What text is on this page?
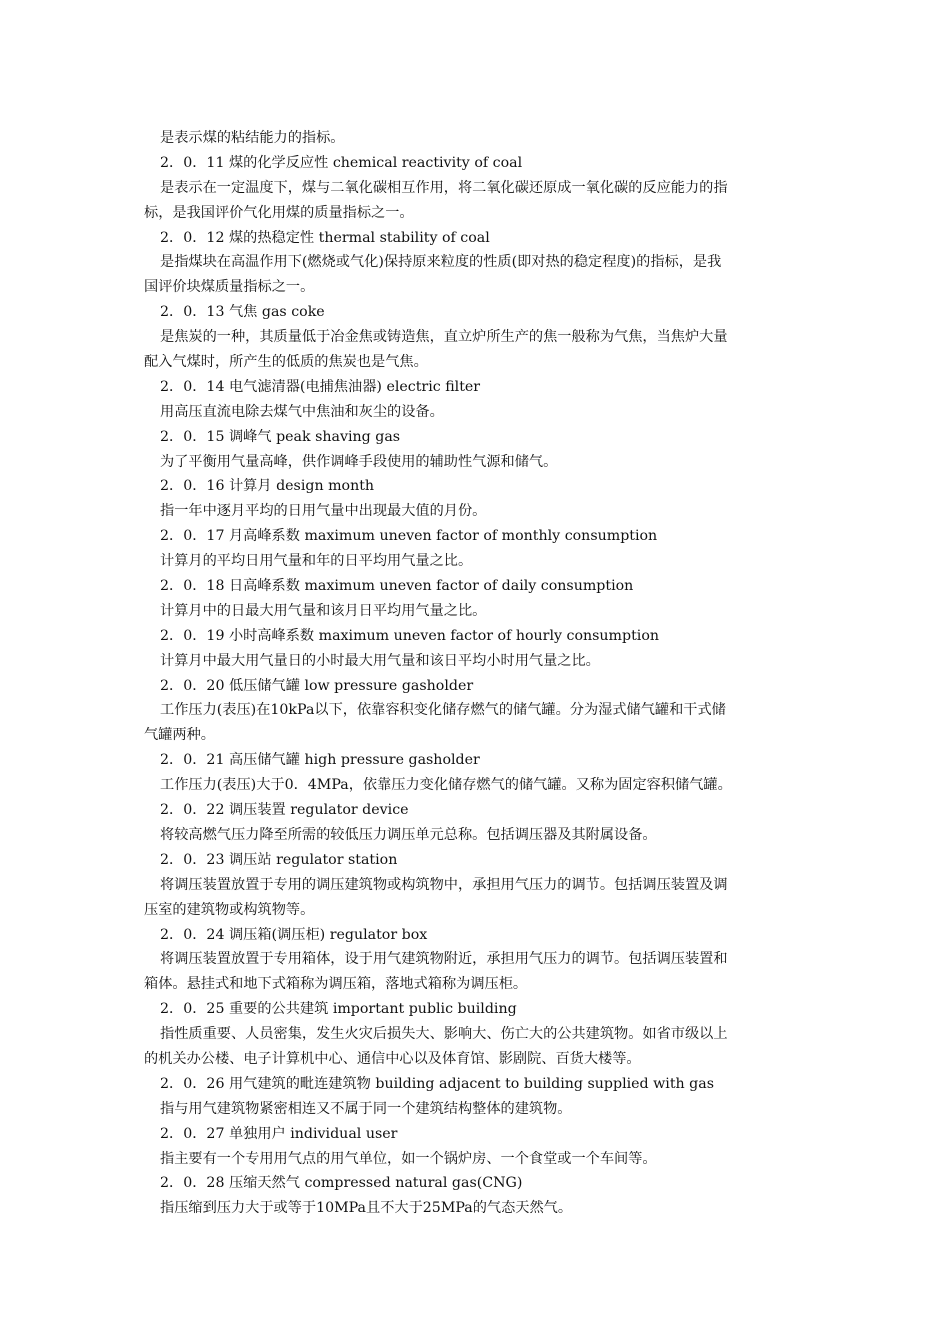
是表示煤的粘结能力的指标。
2．0．11 煤的化学反应性 chemical reactivity of coal
是表示在一定温度下，煤与二氧化碳相互作用，将二氧化碳还原成一氧化碳的反应能力的指
标，是我国评价气化用煤的质量指标之一。
2．0．12 煤的热稳定性 thermal stability of coal
是指煤块在高温作用下(燃烧或气化)保持原来粒度的性质(即对热的稳定程度)的指标，是我
国评价块煤质量指标之一。
2．0．13 气焦 gas coke
是焦炭的一种，其质量低于冶金焦或铸造焦，直立炉所生产的焦一般称为气焦，当焦炉大量
配入气煤时，所产生的低质的焦炭也是气焦。
2．0．14 电气滤清器(电捕焦油器) electric filter
用高压直流电除去煤气中焦油和灰尘的设备。
2．0．15 调峰气 peak shaving gas
为了平衡用气量高峰，供作调峰手段使用的辅助性气源和储气。
2．0．16 计算月 design month
指一年中逐月平均的日用气量中出现最大值的月份。
2．0．17 月高峰系数 maximum uneven factor of monthly consumption
计算月的平均日用气量和年的日平均用气量之比。
2．0．18 日高峰系数 maximum uneven factor of daily consumption
计算月中的日最大用气量和该月日平均用气量之比。
2．0．19 小时高峰系数 maximum uneven factor of hourly consumption
计算月中最大用气量日的小时最大用气量和该日平均小时用气量之比。
2．0．20 低压储气罐 low pressure gasholder
工作压力(表压)在10kPa以下，依靠容积变化储存燃气的储气罐。分为湿式储气罐和干式储
气罐两种。
2．0．21 高压储气罐 high pressure gasholder
工作压力(表压)大于0．4MPa，依靠压力变化储存燃气的储气罐。又称为固定容积储气罐。
2．0．22 调压装置 regulator device
将较高燃气压力降至所需的较低压力调压单元总称。包括调压器及其附属设备。
2．0．23 调压站 regulator station
将调压装置放置于专用的调压建筑物或构筑物中，承担用气压力的调节。包括调压装置及调
压室的建筑物或构筑物等。
2．0．24 调压箱(调压柜) regulator box
将调压装置放置于专用箱体，设于用气建筑物附近，承担用气压力的调节。包括调压装置和
箱体。悬挂式和地下式箱称为调压箱，落地式箱称为调压柜。
2．0．25 重要的公共建筑 important public building
指性质重要、人员密集，发生火灾后损失大、影响大、伤亡大的公共建筑物。如省市级以上
的机关办公楼、电子计算机中心、通信中心以及体育馆、影剧院、百货大楼等。
2．0．26 用气建筑的毗连建筑物 building adjacent to building supplied with gas
指与用气建筑物紧密相连又不属于同一个建筑结构整体的建筑物。
2．0．27 单独用户 individual user
指主要有一个专用用气点的用气单位，如一个锅炉房、一个食堂或一个车间等。
2．0．28 压缩天然气 compressed natural gas(CNG)
指压缩到压力大于或等于10MPa且不大于25MPa的气态天然气。
